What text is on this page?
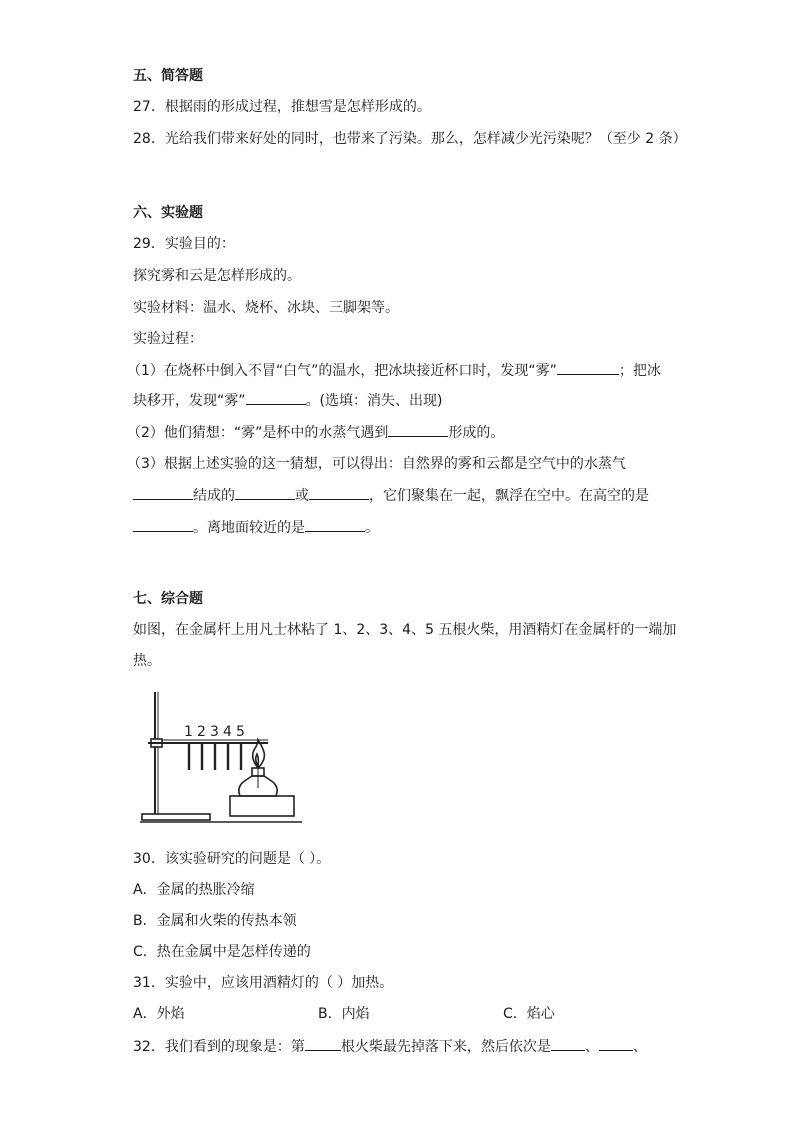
五、简答题
27．根据雨的形成过程，推想雪是怎样形成的。
28．光给我们带来好处的同时，也带来了污染。那么，怎样减少光污染呢？（至少 2 条）
六、实验题
29．实验目的：
探究雾和云是怎样形成的。
实验材料：温水、烧杯、冰块、三脚架等。
实验过程：
（1）在烧杯中倒入不冒“白气”的温水，把冰块接近杯口时，发现“雾”	；把冰
块移开，发现“雾”	。(选填：消失、出现)
（2）他们猜想：“雾”是杯中的水蒸气遇到	形成的。
（3）根据上述实验的这一猜想，可以得出：自然界的雾和云都是空气中的水蒸气
结成的	或	，它们聚集在一起，飘浮在空中。在高空的是
。离地面较近的是	。
七、综合题
如图，在金属杆上用凡士林粘了 1、2、3、4、5 五根火柴，用酒精灯在金属杆的一端加
热。
1 2 3 4 5
30．该实验研究的问题是（ ）。
A．金属的热胀冷缩
B．金属和火柴的传热本领
C．热在金属中是怎样传递的
31．实验中，应该用酒精灯的（ ）加热。
A．外焰	B．内焰	C．焰心
32．我们看到的现象是：第	根火柴最先掉落下来，然后依次是 、 、
